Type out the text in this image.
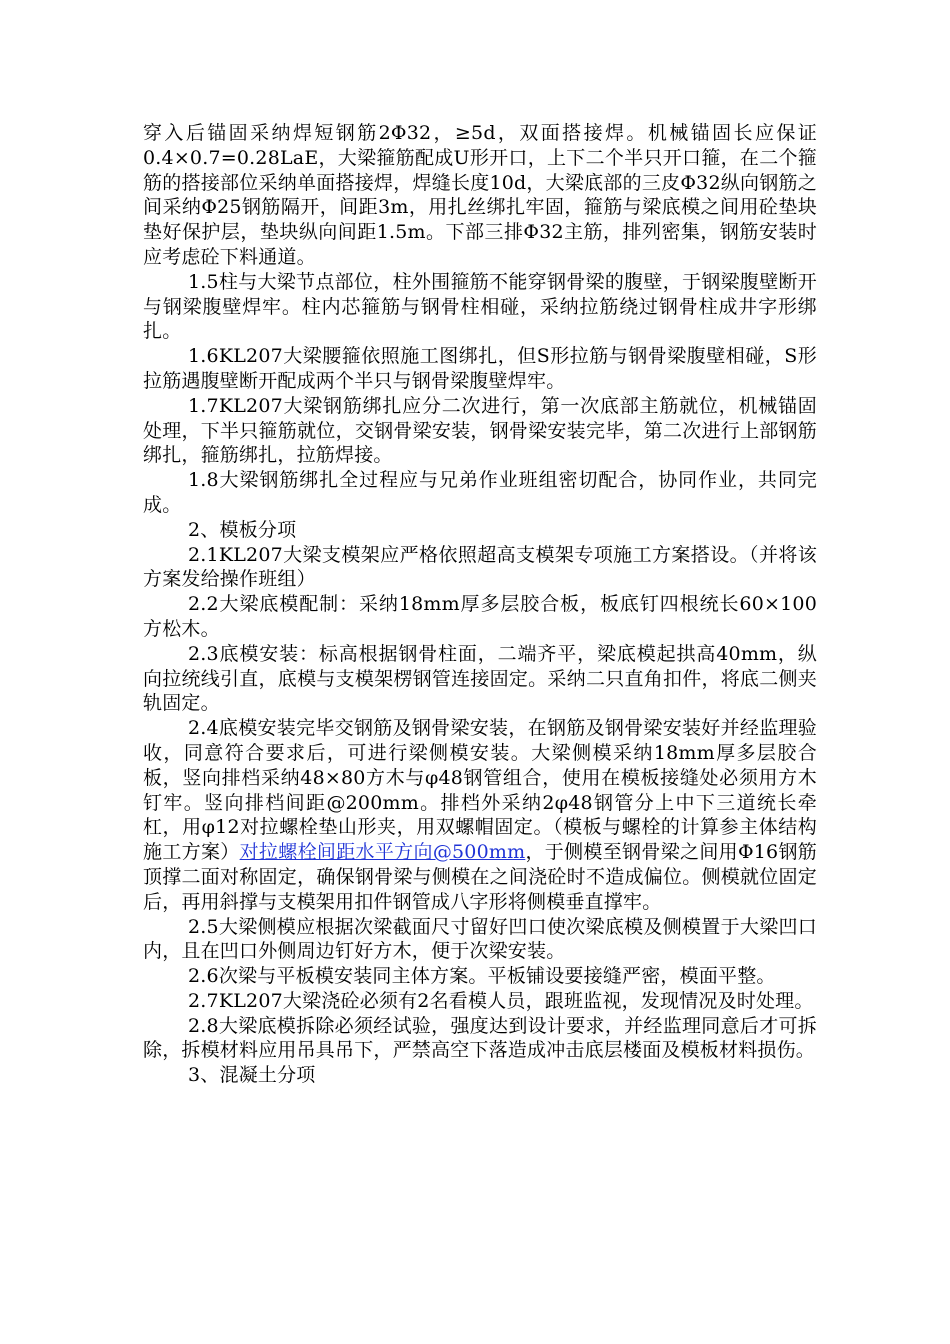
穿入后锚固采纳焊短钢筋2Φ32，≥5d，双面搭接焊。机械锚固长应保证0.4×0.7=0.28LaE，大梁箍筋配成U形开口，上下二个半只开口箍，在二个箍筋的搭接部位采纳单面搭接焊，焊缝长度10d，大梁底部的三皮Φ32纵向钢筋之间采纳Φ25钢筋隔开，间距3m，用扎丝绑扎牢固，箍筋与梁底模之间用砼垫块垫好保护层，垫块纵向间距1.5m。下部三排Φ32主筋，排列密集，钢筋安装时应考虑砼下料通道。

1.5柱与大梁节点部位，柱外围箍筋不能穿钢骨梁的腹壁，于钢梁腹壁断开与钢梁腹壁焊牢。柱内芯箍筋与钢骨柱相碰，采纳拉筋绕过钢骨柱成井字形绑扎。

1.6KL207大梁腰箍依照施工图绑扎，但S形拉筋与钢骨梁腹壁相碰，S形拉筋遇腹壁断开配成两个半只与钢骨梁腹壁焊牢。

1.7KL207大梁钢筋绑扎应分二次进行，第一次底部主筋就位，机械锚固处理，下半只箍筋就位，交钢骨梁安装，钢骨梁安装完毕，第二次进行上部钢筋绑扎，箍筋绑扎，拉筋焊接。

1.8大梁钢筋绑扎全过程应与兄弟作业班组密切配合，协同作业，共同完成。

2、模板分项

2.1KL207大梁支模架应严格依照超高支模架专项施工方案搭设。（并将该方案发给操作班组）

2.2大梁底模配制：采纳18mm厚多层胶合板，板底钉四根统长60×100方松木。

2.3底模安装：标高根据钢骨柱面，二端齐平，梁底模起拱高40mm，纵向拉统线引直，底模与支模架楞钢管连接固定。采纳二只直角扣件，将底二侧夹轨固定。

2.4底模安装完毕交钢筋及钢骨梁安装，在钢筋及钢骨梁安装好并经监理验收，同意符合要求后，可进行梁侧模安装。大梁侧模采纳18mm厚多层胶合板，竖向排档采纳48×80方木与φ48钢管组合，使用在模板接缝处必须用方木钉牢。竖向排档间距@200mm。排档外采纳2φ48钢管分上中下三道统长牵杠，用φ12对拉螺栓垫山形夹，用双螺帽固定。（模板与螺栓的计算参主体结构施工方案）对拉螺栓间距水平方向@500mm，于侧模至钢骨梁之间用Φ16钢筋顶撑二面对称固定，确保钢骨梁与侧模在之间浇砼时不造成偏位。侧模就位固定后，再用斜撑与支模架用扣件钢管成八字形将侧模垂直撑牢。

2.5大梁侧模应根据次梁截面尺寸留好凹口使次梁底模及侧模置于大梁凹口内，且在凹口外侧周边钉好方木，便于次梁安装。

2.6次梁与平板模安装同主体方案。平板铺设要接缝严密，模面平整。

2.7KL207大梁浇砼必须有2名看模人员，跟班监视，发现情况及时处理。

2.8大梁底模拆除必须经试验，强度达到设计要求，并经监理同意后才可拆除，拆模材料应用吊具吊下，严禁高空下落造成冲击底层楼面及模板材料损伤。

3、混凝土分项
